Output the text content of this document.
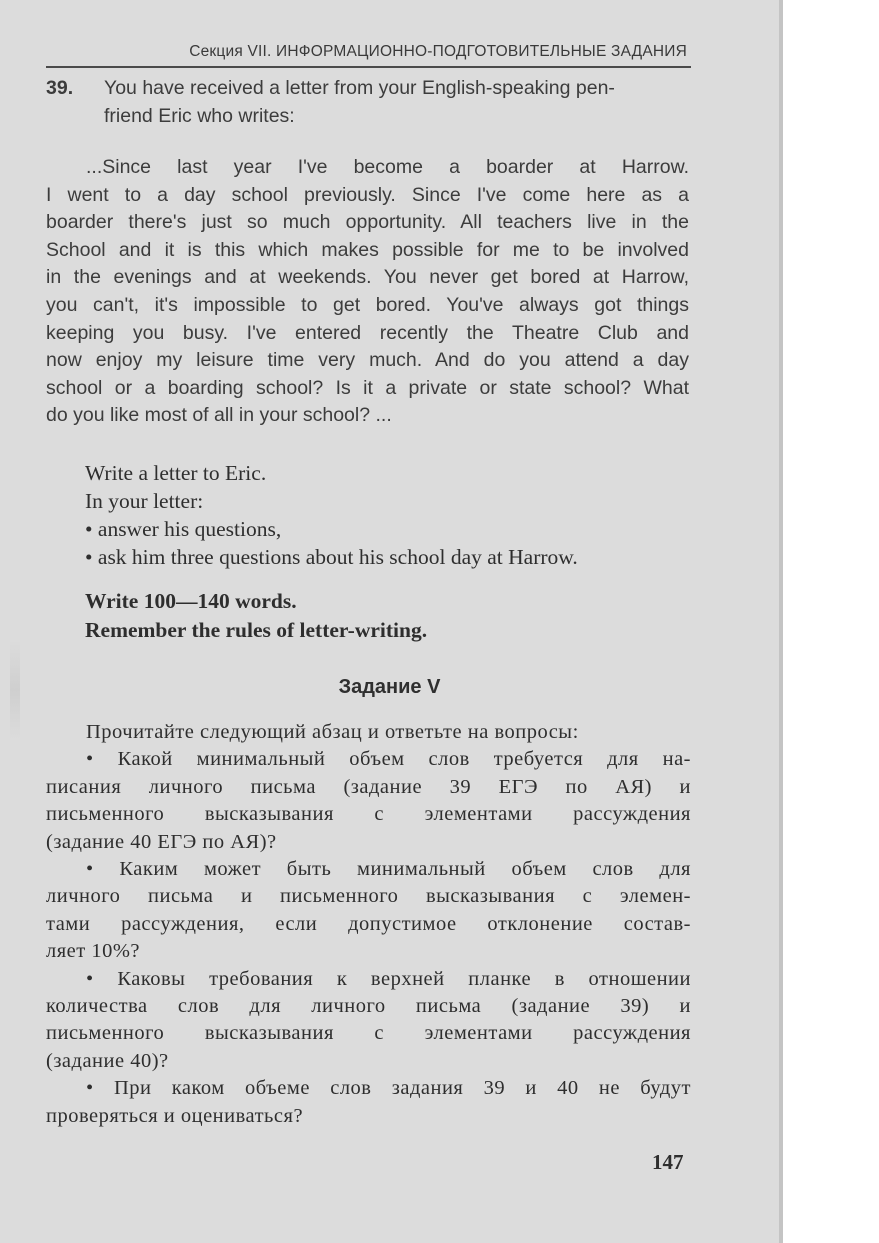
Секция VII. ИНФОРМАЦИОННО-ПОДГОТОВИТЕЛЬНЫЕ ЗАДАНИЯ
39. You have received a letter from your English-speaking pen-
friend Eric who writes:
...Since last year I've become a boarder at Harrow.
I went to a day school previously. Since I've come here as a
boarder there's just so much opportunity. All teachers live in the
School and it is this which makes possible for me to be involved
in the evenings and at weekends. You never get bored at Harrow,
you can't, it's impossible to get bored. You've always got things
keeping you busy. I've entered recently the Theatre Club and
now enjoy my leisure time very much. And do you attend a day
school or a boarding school? Is it a private or state school? What
do you like most of all in your school? ...
Write a letter to Eric.
In your letter:
• answer his questions,
• ask him three questions about his school day at Harrow.
Write 100—140 words.
Remember the rules of letter-writing.
Задание V
Прочитайте следующий абзац и ответьте на вопросы:
• Какой минимальный объем слов требуется для на-
писания личного письма (задание 39 ЕГЭ по АЯ) и
письменного высказывания с элементами рассуждения
(задание 40 ЕГЭ по АЯ)?
• Каким может быть минимальный объем слов для
личного письма и письменного высказывания с элемен-
тами рассуждения, если допустимое отклонение состав-
ляет 10%?
• Каковы требования к верхней планке в отношении
количества слов для личного письма (задание 39) и
письменного высказывания с элементами рассуждения
(задание 40)?
• При каком объеме слов задания 39 и 40 не будут
проверяться и оцениваться?
147
